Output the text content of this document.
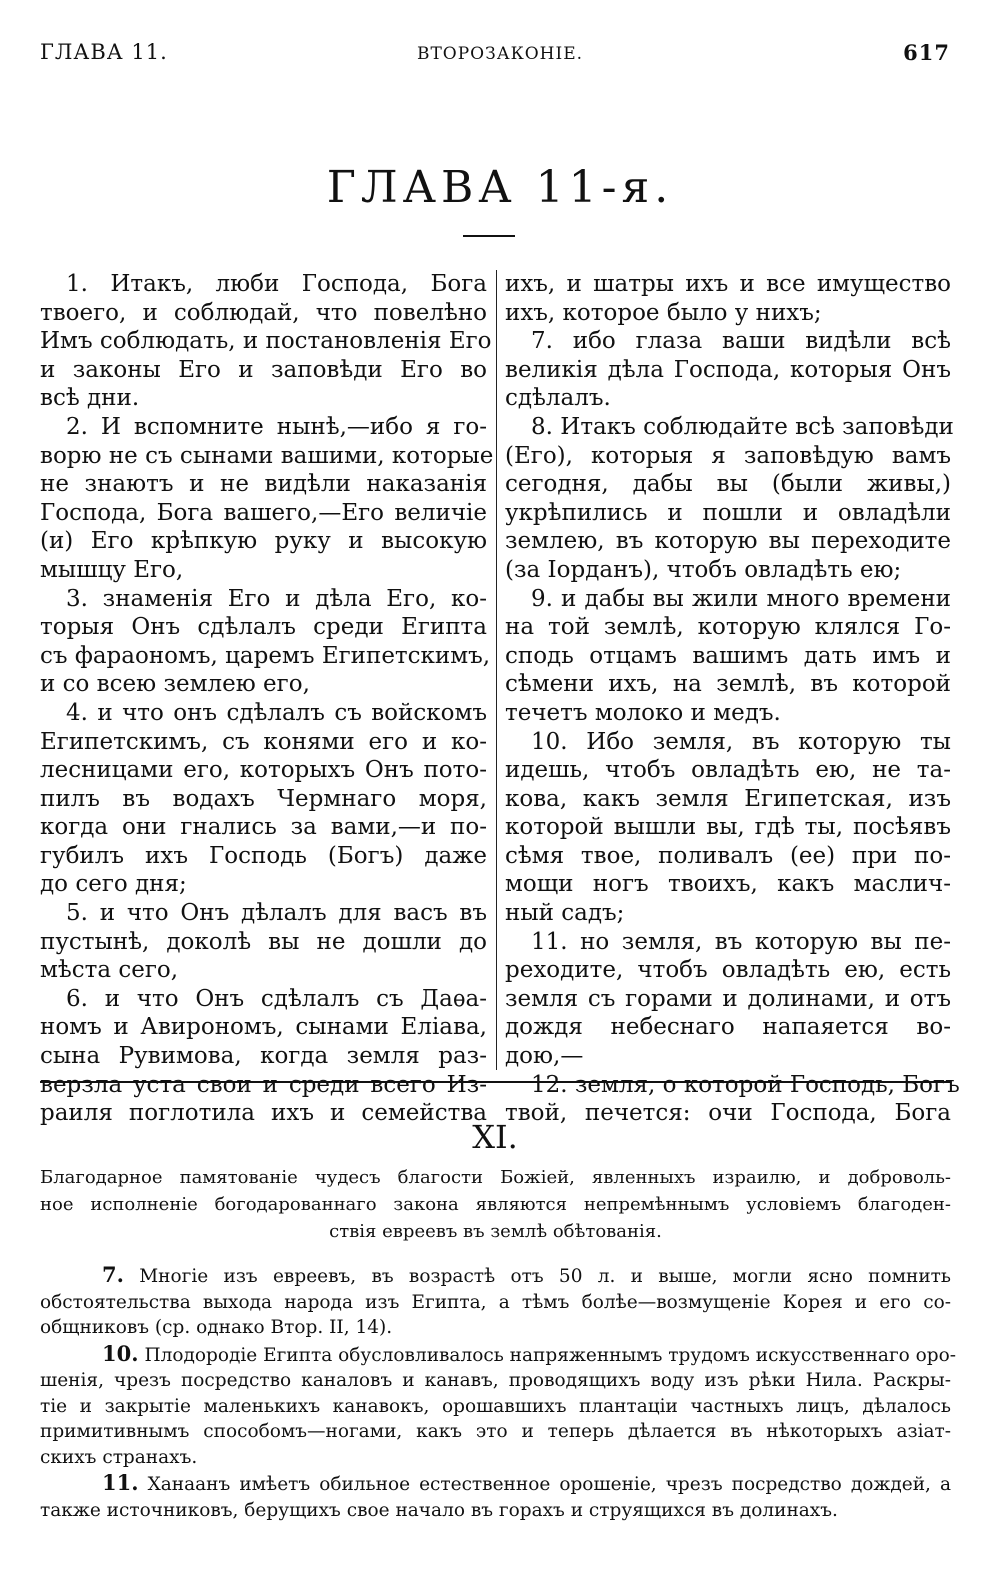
ГЛАВА 11.	ВТОРОЗАКОНІЕ.	617
ГЛАВА 11-я.
1. Итакъ, люби Господа, Бога
твоего, и соблюдай, что повелѣно
Имъ соблюдать, и постановленія Его
и законы Его и заповѣди Его во
всѣ дни.
2. И вспомните нынѣ,—ибо я го-
ворю не съ сынами вашими, которые
не знаютъ и не видѣли наказанія
Господа, Бога вашего,—Его величіе
(и) Его крѣпкую руку и высокую
мышцу Его,
3. знаменія Его и дѣла Его, ко-
торыя Онъ сдѣлалъ среди Египта
съ фараономъ, царемъ Египетскимъ,
и со всею землею его,
4. и что онъ сдѣлалъ съ войскомъ
Египетскимъ, съ конями его и ко-
лесницами его, которыхъ Онъ пото-
пилъ въ водахъ Чермнаго моря,
когда они гнались за вами,—и по-
губилъ ихъ Господь (Богъ) даже
до сего дня;
5. и что Онъ дѣлалъ для васъ въ
пустынѣ, доколѣ вы не дошли до
мѣста сего,
6. и что Онъ сдѣлалъ съ Даѳа-
номъ и Авирономъ, сынами Еліава,
сына Рувимова, когда земля раз-
верзла уста свои и среди всего Из-
раиля поглотила ихъ и семейства
ихъ, и шатры ихъ и все имущество
ихъ, которое было у нихъ;
7. ибо глаза ваши видѣли всѣ
великія дѣла Господа, которыя Онъ
сдѣлалъ.
8. Итакъ соблюдайте всѣ заповѣди
(Его), которыя я заповѣдую вамъ
сегодня, дабы вы (были живы,)
укрѣпились и пошли и овладѣли
землею, въ которую вы переходите
(за Іорданъ), чтобъ овладѣть ею;
9. и дабы вы жили много времени
на той землѣ, которую клялся Го-
сподь отцамъ вашимъ дать имъ и
сѣмени ихъ, на землѣ, въ которой
течетъ молоко и медъ.
10. Ибо земля, въ которую ты
идешь, чтобъ овладѣть ею, не та-
кова, какъ земля Египетская, изъ
которой вышли вы, гдѣ ты, посѣявъ
сѣмя твое, поливалъ (ее) при по-
мощи ногъ твоихъ, какъ маслич-
ный садъ;
11. но земля, въ которую вы пе-
реходите, чтобъ овладѣть ею, есть
земля съ горами и долинами, и отъ
дождя небеснаго напаяется во-
дою,—
12. земля, о которой Господь, Богъ
твой, печется: очи Господа, Бога
XI.
Благодарное памятованіе чудесъ благости Божіей, явленныхъ израилю, и доброволь-
ное исполненіе богодарованнаго закона являются непремѣннымъ условіемъ благоден-
ствія евреевъ въ землѣ обѣтованія.
7. Многіе изъ евреевъ, въ возрастѣ отъ 50 л. и выше, могли ясно помнить
обстоятельства выхода народа изъ Египта, а тѣмъ болѣе—возмущеніе Корея и его со-
общниковъ (ср. однако Втор. II, 14).
10. Плодородіе Египта обусловливалось напряженнымъ трудомъ искусственнаго оро-
шенія, чрезъ посредство каналовъ и канавъ, проводящихъ воду изъ рѣки Нила. Раскры-
тіе и закрытіе маленькихъ канавокъ, орошавшихъ плантаціи частныхъ лицъ, дѣлалось
примитивнымъ способомъ—ногами, какъ это и теперь дѣлается въ нѣкоторыхъ азіат-
скихъ странахъ.
11. Ханаанъ имѣетъ обильное естественное орошеніе, чрезъ посредство дождей, а
также источниковъ, берущихъ свое начало въ горахъ и струящихся въ долинахъ.
